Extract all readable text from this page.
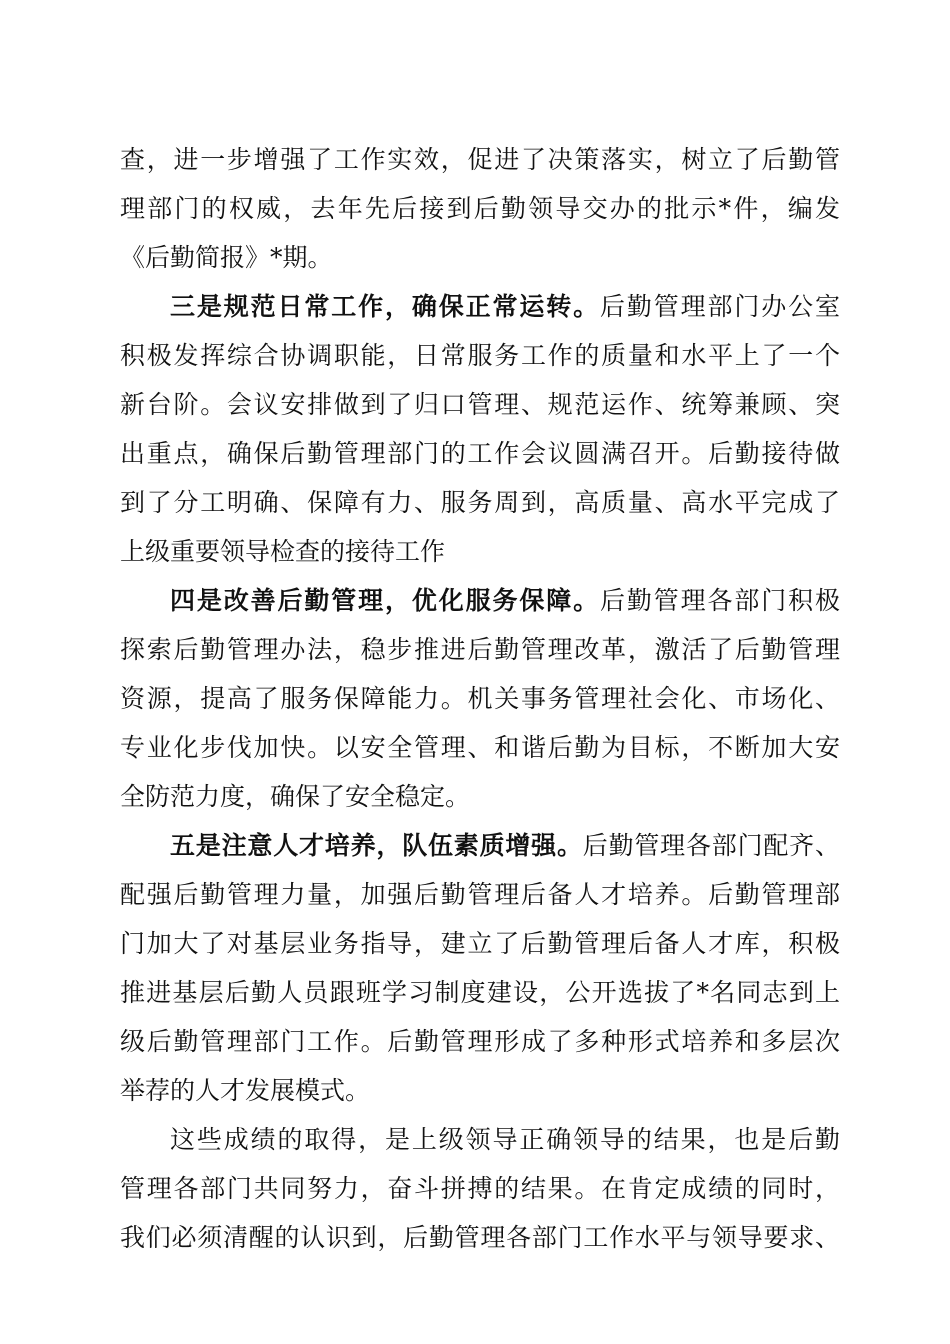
查，进一步增强了工作实效，促进了决策落实，树立了后勤管
理部门的权威，去年先后接到后勤领导交办的批示*件，编发
《后勤简报》*期。
三是规范日常工作，确保正常运转。后勤管理部门办公室
积极发挥综合协调职能，日常服务工作的质量和水平上了一个
新台阶。会议安排做到了归口管理、规范运作、统筹兼顾、突
出重点，确保后勤管理部门的工作会议圆满召开。后勤接待做
到了分工明确、保障有力、服务周到，高质量、高水平完成了
上级重要领导检查的接待工作
四是改善后勤管理，优化服务保障。后勤管理各部门积极
探索后勤管理办法，稳步推进后勤管理改革，激活了后勤管理
资源，提高了服务保障能力。机关事务管理社会化、市场化、
专业化步伐加快。以安全管理、和谐后勤为目标，不断加大安
全防范力度，确保了安全稳定。
五是注意人才培养，队伍素质增强。后勤管理各部门配齐、
配强后勤管理力量，加强后勤管理后备人才培养。后勤管理部
门加大了对基层业务指导，建立了后勤管理后备人才库，积极
推进基层后勤人员跟班学习制度建设，公开选拔了*名同志到上
级后勤管理部门工作。后勤管理形成了多种形式培养和多层次
举荐的人才发展模式。
这些成绩的取得，是上级领导正确领导的结果，也是后勤
管理各部门共同努力，奋斗拼搏的结果。在肯定成绩的同时，
我们必须清醒的认识到，后勤管理各部门工作水平与领导要求、
